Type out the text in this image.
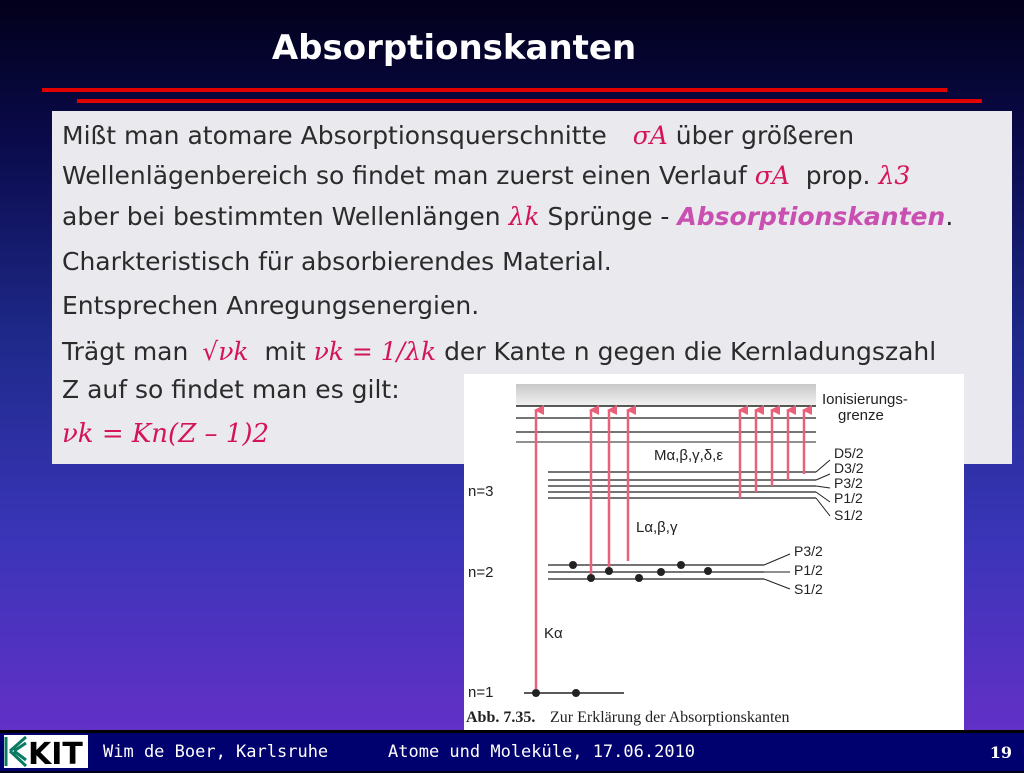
Absorptionskanten
Mißt man atomare Absorptionsquerschnitte σA über größeren
Wellenlägenbereich so findet man zuerst einen Verlauf σA prop. λ3
aber bei bestimmten Wellenlängen λk Sprünge - Absorptionskanten.
Charkteristisch für absorbierendes Material.
Entsprechen Anregungsenergien.
Trägt man √νk mit νk = 1/λk der Kante n gegen die Kernladungszahl
Z auf so findet man es gilt:
νk = Kn(Z – 1)2
Ionisierungs-
grenze
n=3
D5/2
D3/2
P3/2
P1/2
S1/2
n=2
P3/2
P1/2
S1/2
n=1
Mα,β,γ,δ,ε
Lα,β,γ
Kα
Abb. 7.35. Zur Erklärung der Absorptionskanten
KIT Wim de Boer, Karlsruhe	Atome und Moleküle, 17.06.2010	19
